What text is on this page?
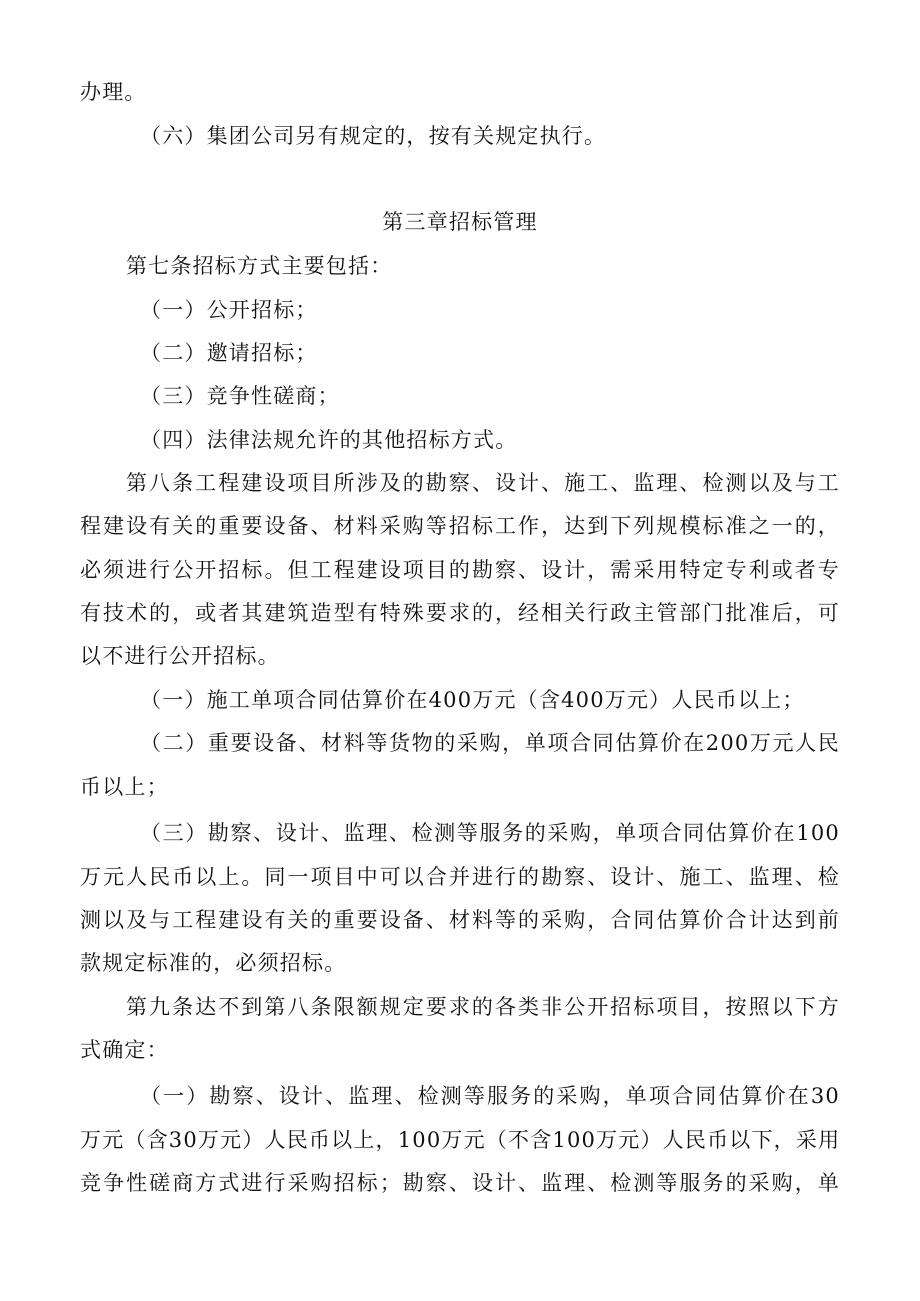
办理。
（六）集团公司另有规定的，按有关规定执行。
第三章招标管理
第七条招标方式主要包括：
（一）公开招标；
（二）邀请招标；
（三）竞争性磋商；
（四）法律法规允许的其他招标方式。
第八条工程建设项目所涉及的勘察、设计、施工、监理、检测以及与工
程建设有关的重要设备、材料采购等招标工作，达到下列规模标准之一的，
必须进行公开招标。但工程建设项目的勘察、设计，需采用特定专利或者专
有技术的，或者其建筑造型有特殊要求的，经相关行政主管部门批准后，可
以不进行公开招标。
（一）施工单项合同估算价在400万元（含400万元）人民币以上；
（二）重要设备、材料等货物的采购，单项合同估算价在200万元人民
币以上；
（三）勘察、设计、监理、检测等服务的采购，单项合同估算价在100
万元人民币以上。同一项目中可以合并进行的勘察、设计、施工、监理、检
测以及与工程建设有关的重要设备、材料等的采购，合同估算价合计达到前
款规定标准的，必须招标。
第九条达不到第八条限额规定要求的各类非公开招标项目，按照以下方
式确定：
（一）勘察、设计、监理、检测等服务的采购，单项合同估算价在30
万元（含30万元）人民币以上，100万元（不含100万元）人民币以下，采用
竞争性磋商方式进行采购招标；勘察、设计、监理、检测等服务的采购，单
